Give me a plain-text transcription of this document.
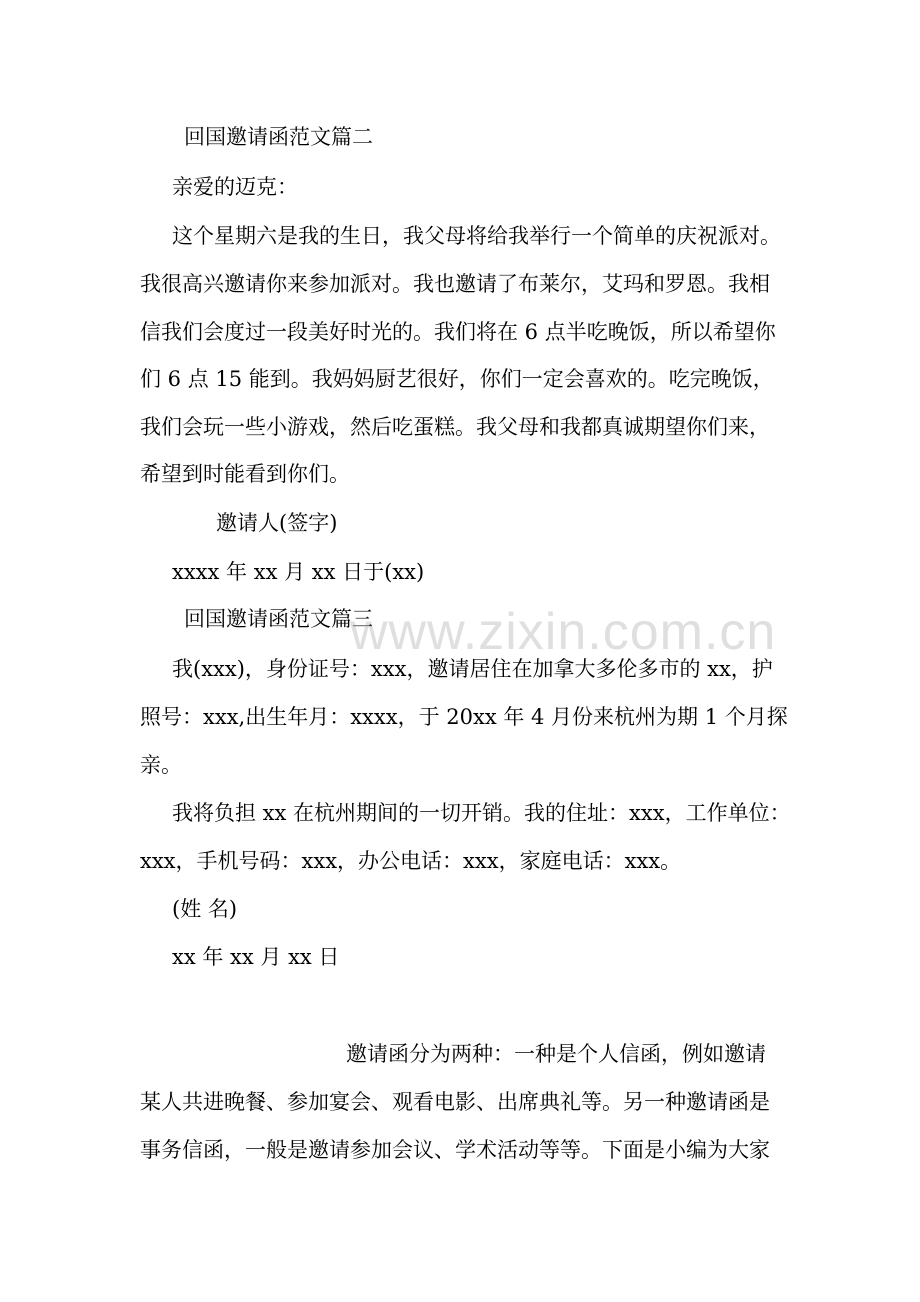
回国邀请函范文篇二
亲爱的迈克：
这个星期六是我的生日，我父母将给我举行一个简单的庆祝派对。
我很高兴邀请你来参加派对。我也邀请了布莱尔，艾玛和罗恩。我相
信我们会度过一段美好时光的。我们将在 6 点半吃晚饭，所以希望你
们 6 点 15 能到。我妈妈厨艺很好，你们一定会喜欢的。吃完晚饭，
我们会玩一些小游戏，然后吃蛋糕。我父母和我都真诚期望你们来，
希望到时能看到你们。
邀请人(签字)
xxxx 年 xx 月 xx 日于(xx)
回国邀请函范文篇三
www.zixin.com.cn
我(xxx)，身份证号：xxx，邀请居住在加拿大多伦多市的 xx，护
照号：xxx,出生年月：xxxx，于 20xx 年 4 月份来杭州为期 1 个月探
亲。
我将负担 xx 在杭州期间的一切开销。我的住址：xxx，工作单位：
xxx，手机号码：xxx，办公电话：xxx，家庭电话：xxx。
(姓 名)
xx 年 xx 月 xx 日
邀请函分为两种：一种是个人信函，例如邀请
某人共进晚餐、参加宴会、观看电影、出席典礼等。另一种邀请函是
事务信函，一般是邀请参加会议、学术活动等等。下面是小编为大家
